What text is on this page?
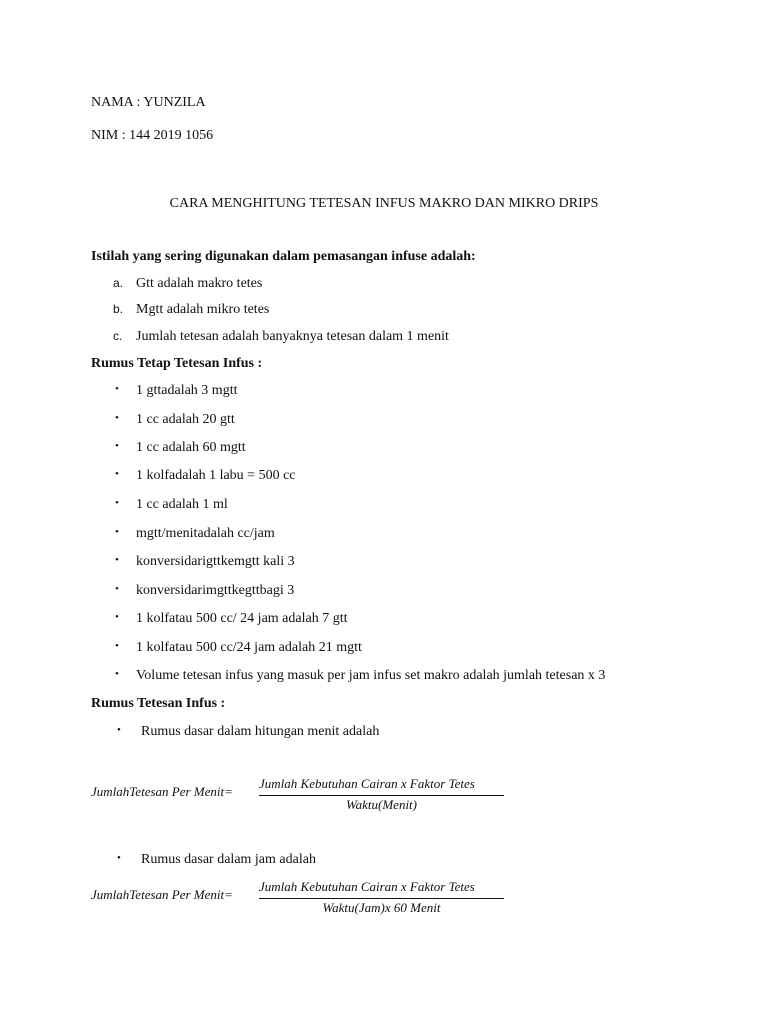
NAMA : YUNZILA
NIM : 144 2019 1056
CARA MENGHITUNG TETESAN INFUS MAKRO DAN MIKRO DRIPS
Istilah yang sering digunakan dalam pemasangan infuse adalah:
a. Gtt adalah makro tetes
b. Mgtt adalah mikro tetes
c. Jumlah tetesan adalah banyaknya tetesan dalam 1 menit
Rumus Tetap Tetesan Infus :
• 1 gttadalah 3 mgtt
• 1 cc adalah 20 gtt
• 1 cc adalah 60 mgtt
• 1 kolfadalah 1 labu = 500 cc
• 1 cc adalah 1 ml
• mgtt/menitadalah cc/jam
• konversidarigttkemgtt kali 3
• konversidarimgttkegttbagi 3
• 1 kolfatau 500 cc/ 24 jam adalah 7 gtt
• 1 kolfatau 500 cc/24 jam adalah 21 mgtt
• Volume tetesan infus yang masuk per jam infus set makro adalah jumlah tetesan x 3
Rumus Tetesan Infus :
• Rumus dasar dalam hitungan menit adalah
JumlahTetesan Per Menit=
Jumlah Kebutuhan Cairan x Faktor Tetes
Waktu(Menit)
• Rumus dasar dalam jam adalah
JumlahTetesan Per Menit=
Jumlah Kebutuhan Cairan x Faktor Tetes
Waktu(Jam)x 60 Menit
